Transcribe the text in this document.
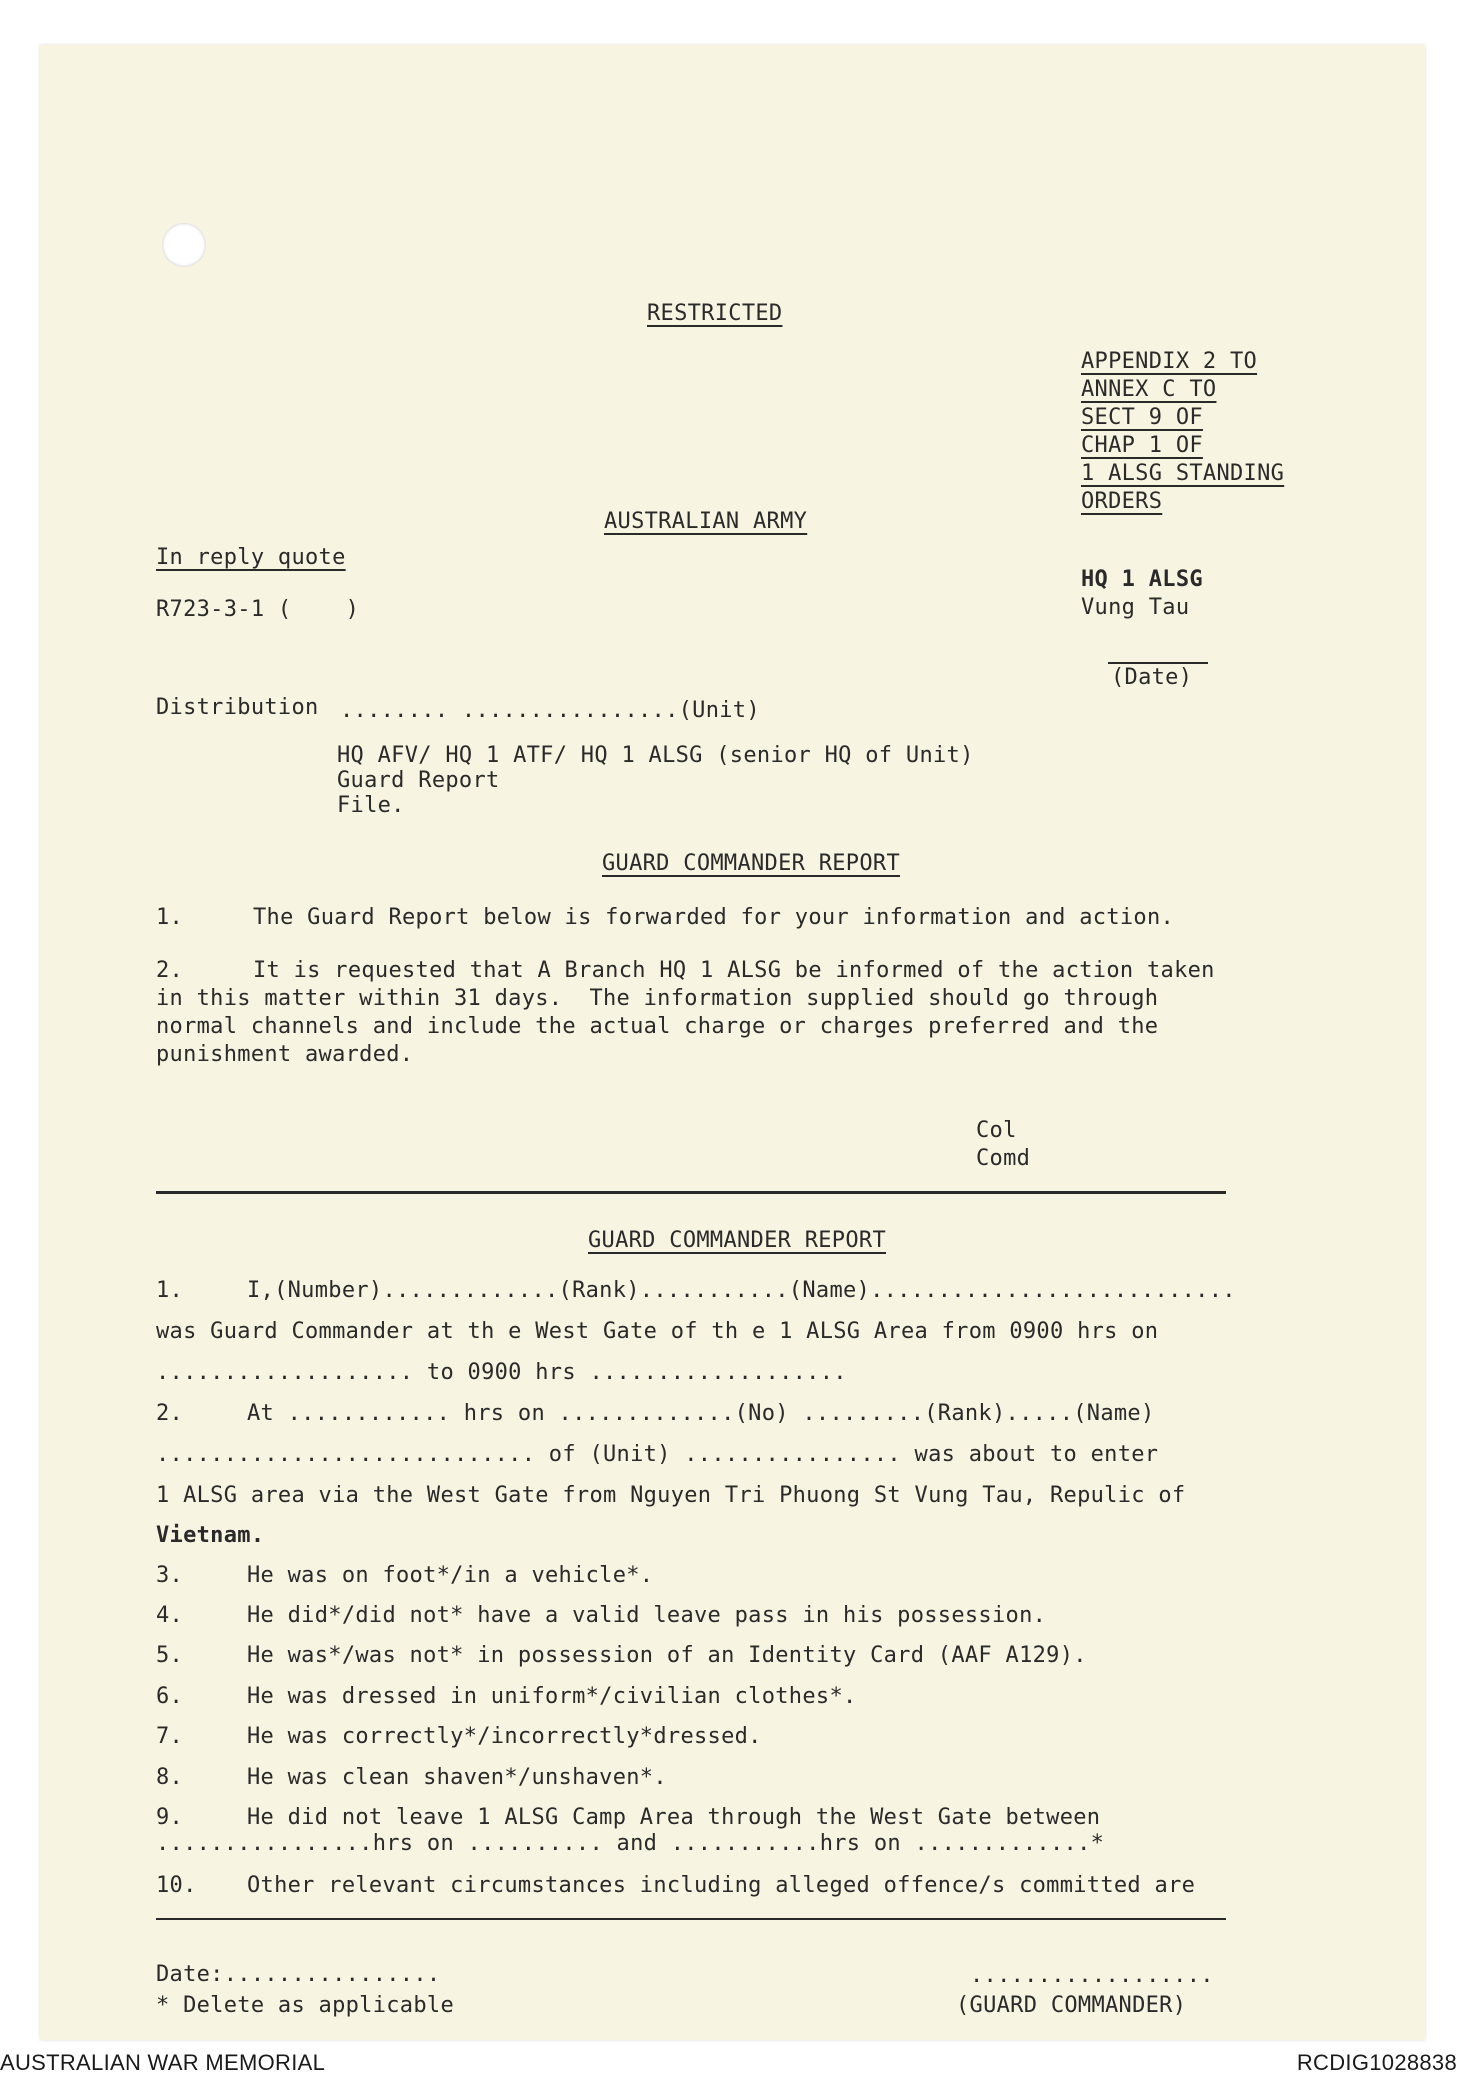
RESTRICTED
APPENDIX 2 TO
ANNEX C TO
SECT 9 OF
CHAP 1 OF
1 ALSG STANDING
ORDERS
AUSTRALIAN ARMY
In reply quote
R723-3-1 (    )
HQ 1 ALSG
Vung Tau
(Date)
Distribution ........ ................(Unit)
HQ AFV/ HQ 1 ATF/ HQ 1 ALSG (senior HQ of Unit)
Guard Report
File.
GUARD COMMANDER REPORT
1.	The Guard Report below is forwarded for your information and action.
2.	It is requested that A Branch HQ 1 ALSG be informed of the action taken
in this matter within 31 days.  The information supplied should go through
normal channels and include the actual charge or charges preferred and the
punishment awarded.
Col
Comd
GUARD COMMANDER REPORT
1.	I,(Number).............(Rank)...........(Name)...........................
was Guard Commander at th e West Gate of th e 1 ALSG Area from 0900 hrs on
................... to 0900 hrs ...................
2.	At ............ hrs on .............(No) .........(Rank).....(Name)
............................ of (Unit) ................ was about to enter
1 ALSG area via the West Gate from Nguyen Tri Phuong St Vung Tau, Repulic of
Vietnam.
3.	He was on foot*/in a vehicle*.
4.	He did*/did not* have a valid leave pass in his possession.
5.	He was*/was not* in possession of an Identity Card (AAF A129).
6.	He was dressed in uniform*/civilian clothes*.
7.	He was correctly*/incorrectly*dressed.
8.	He was clean shaven*/unshaven*.
9.	He did not leave 1 ALSG Camp Area through the West Gate between
................hrs on .......... and ...........hrs on .............*
10. Other relevant circumstances including alleged offence/s committed are
Date:................	..................
* Delete as applicable	(GUARD COMMANDER)
AUSTRALIAN WAR MEMORIAL	RCDIG1028838
